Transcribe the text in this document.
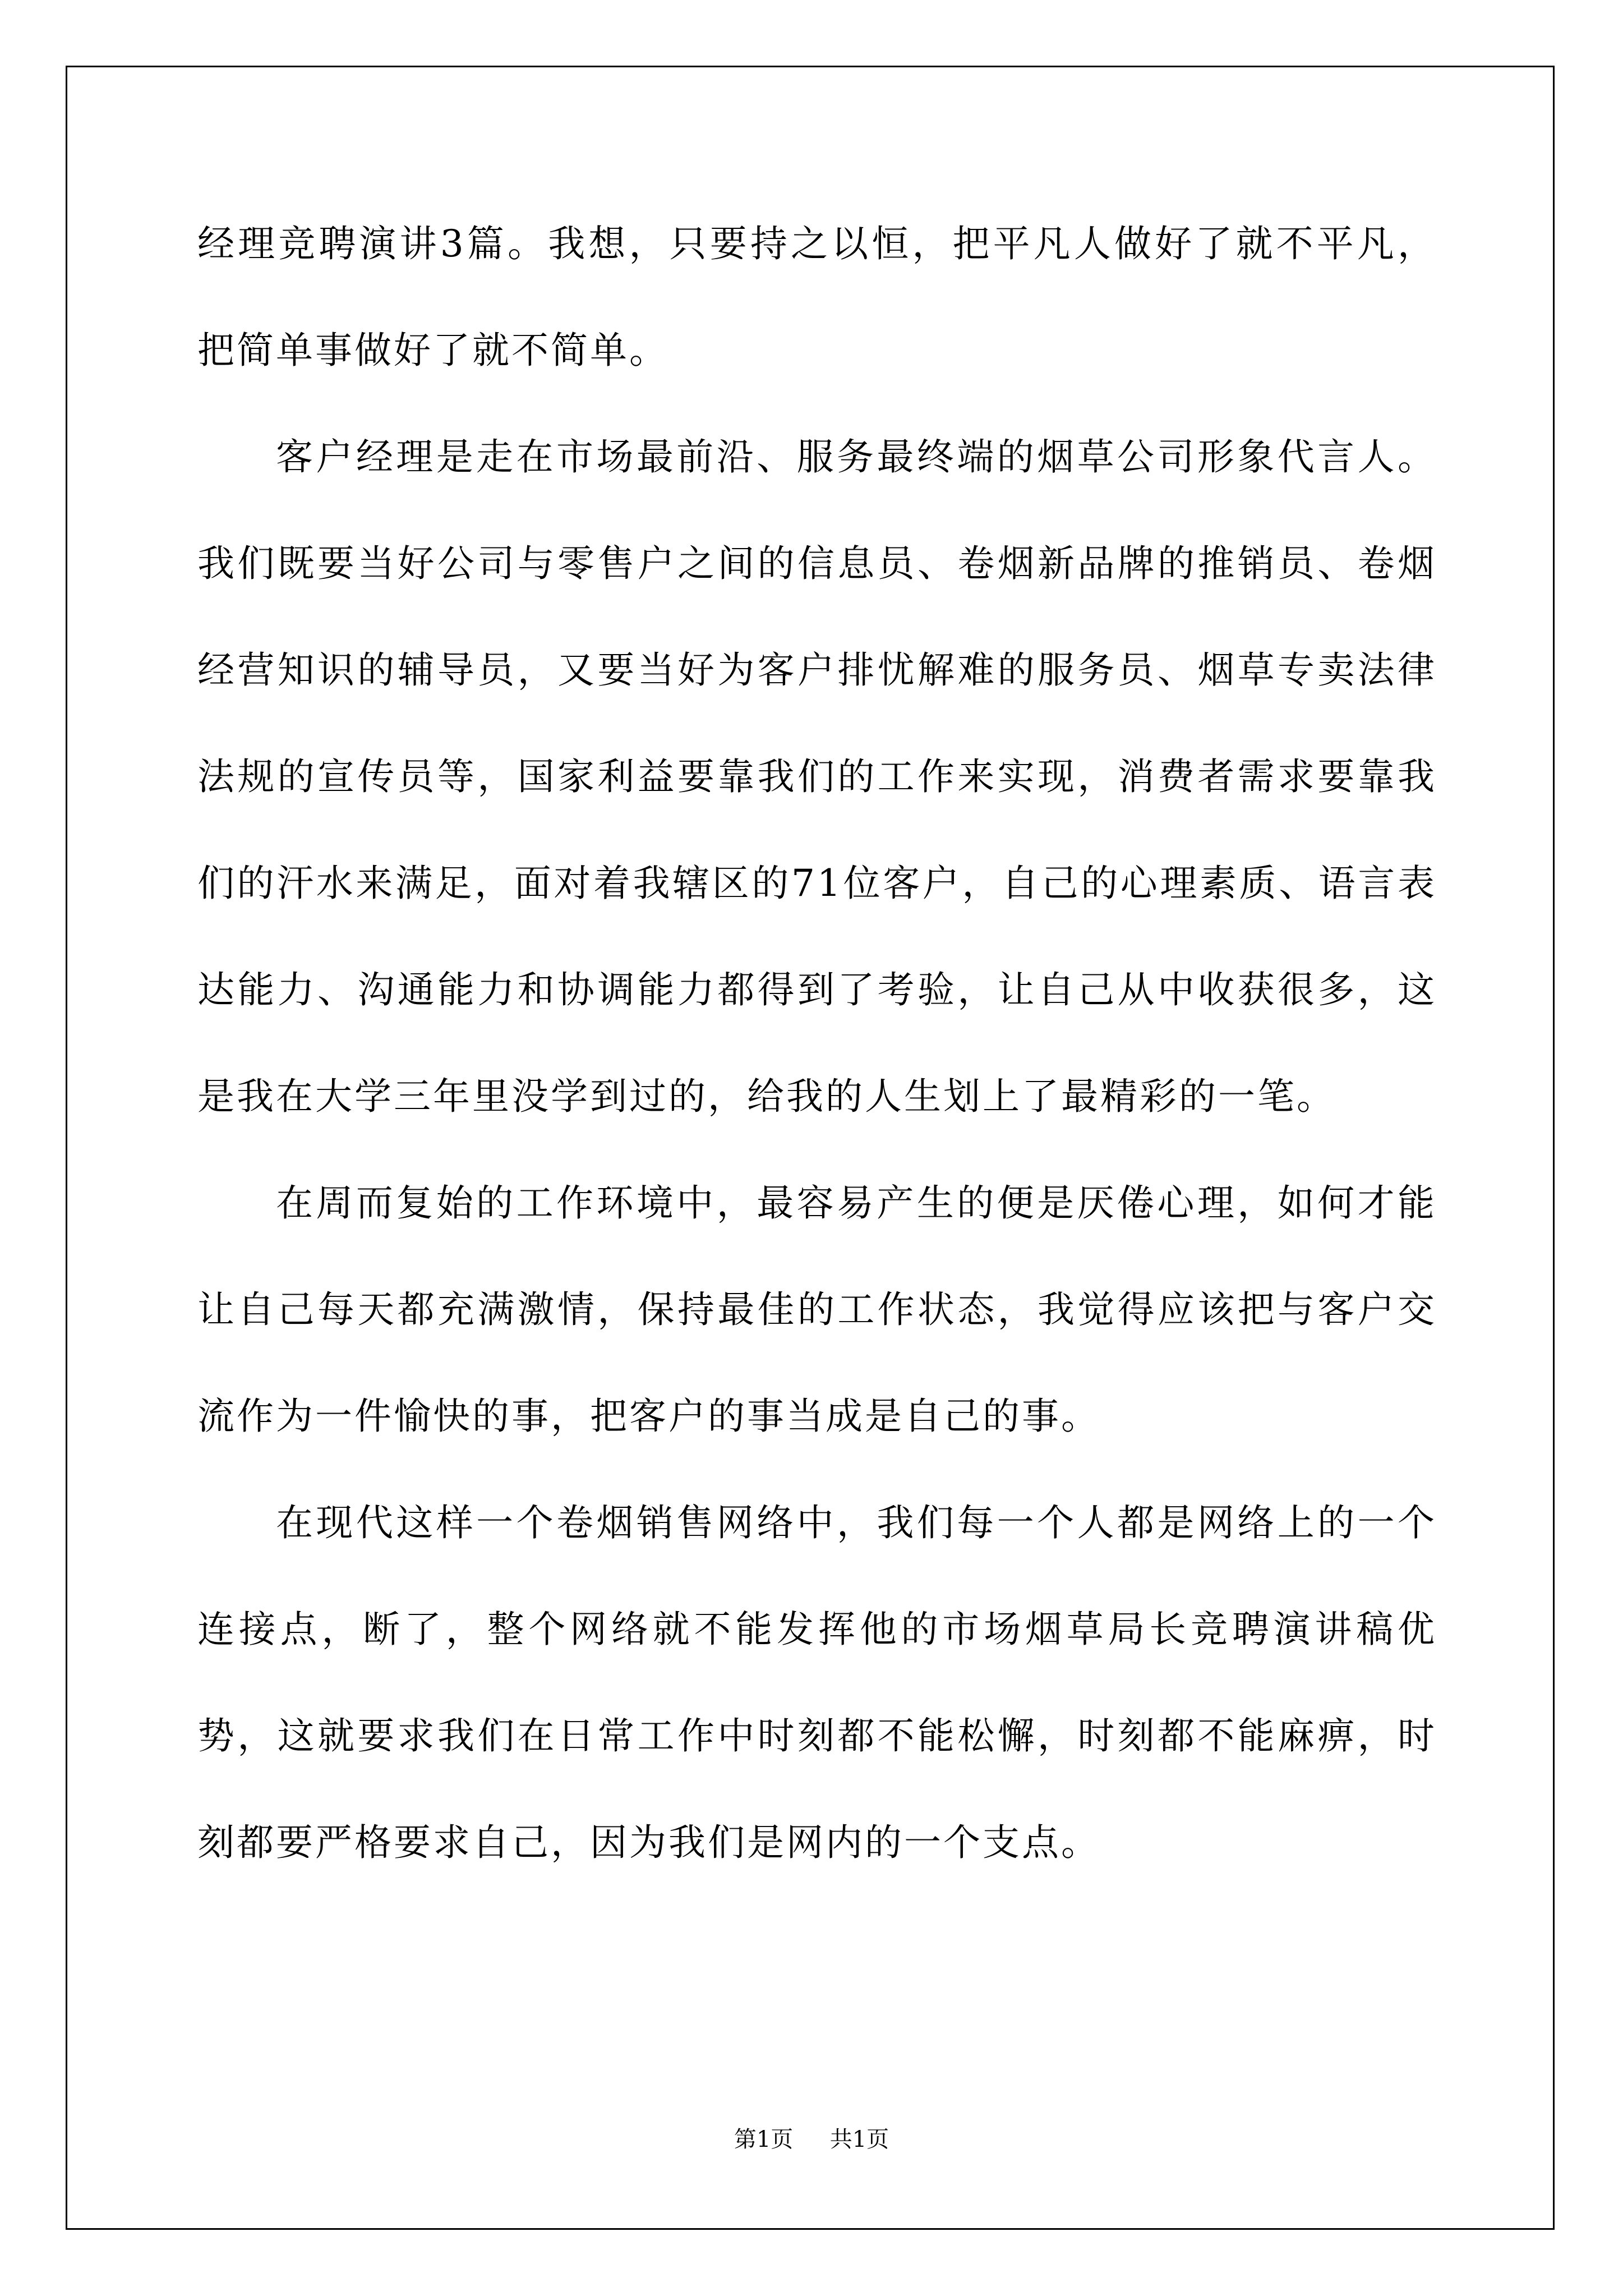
经理竞聘演讲3篇。我想，只要持之以恒，把平凡人做好了就不平凡，把简单事做好了就不简单。

客户经理是走在市场最前沿、服务最终端的烟草公司形象代言人。我们既要当好公司与零售户之间的信息员、卷烟新品牌的推销员、卷烟经营知识的辅导员，又要当好为客户排忧解难的服务员、烟草专卖法律法规的宣传员等，国家利益要靠我们的工作来实现，消费者需求要靠我们的汗水来满足，面对着我辖区的71位客户，自己的心理素质、语言表达能力、沟通能力和协调能力都得到了考验，让自己从中收获很多，这是我在大学三年里没学到过的，给我的人生划上了最精彩的一笔。

在周而复始的工作环境中，最容易产生的便是厌倦心理，如何才能让自己每天都充满激情，保持最佳的工作状态，我觉得应该把与客户交流作为一件愉快的事，把客户的事当成是自己的事。

在现代这样一个卷烟销售网络中，我们每一个人都是网络上的一个连接点，断了，整个网络就不能发挥他的市场烟草局长竞聘演讲稿优势，这就要求我们在日常工作中时刻都不能松懈，时刻都不能麻痹，时刻都要严格要求自己，因为我们是网内的一个支点。

第1页 共1页
